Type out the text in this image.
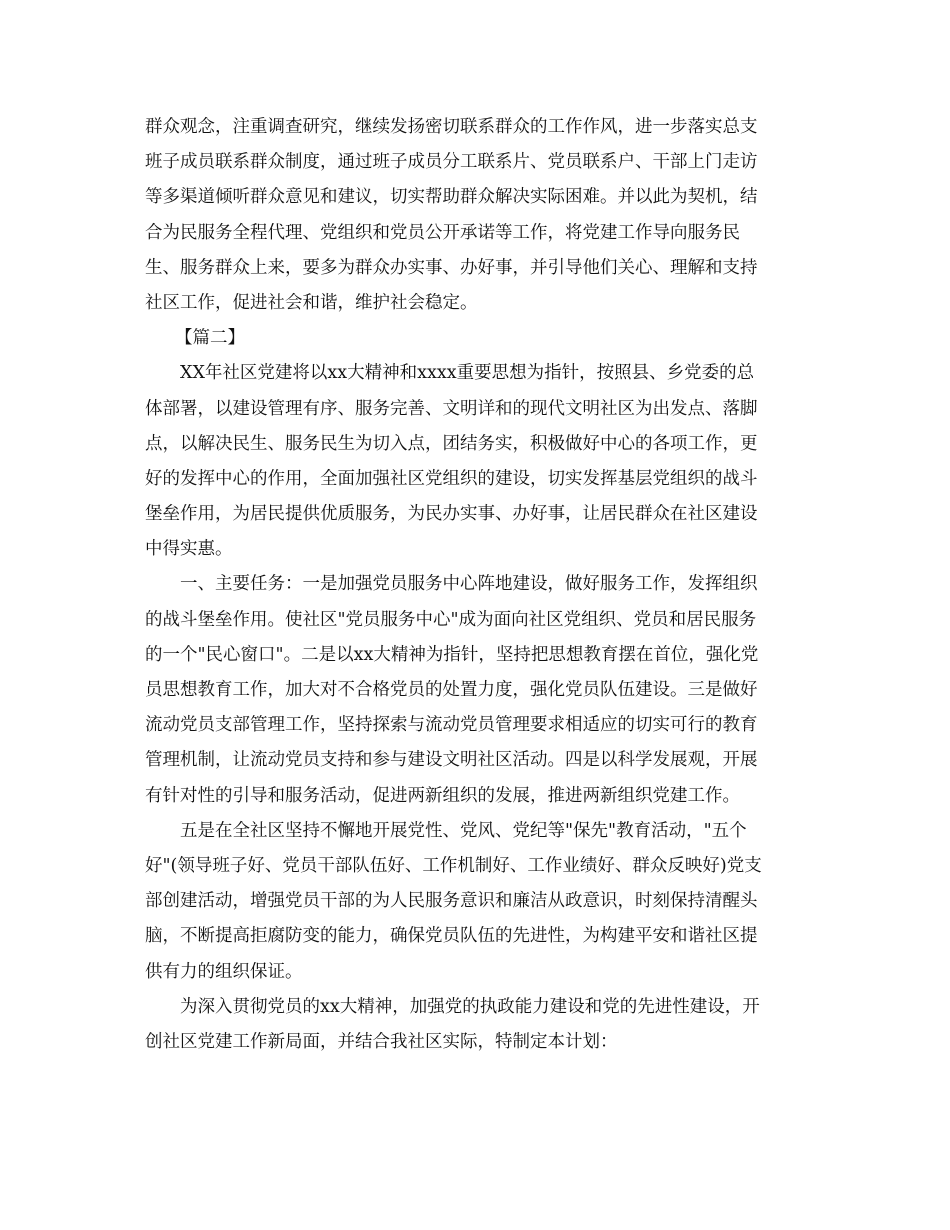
群众观念，注重调查研究，继续发扬密切联系群众的工作作风，进一步落实总支
班子成员联系群众制度，通过班子成员分工联系片、党员联系户、干部上门走访
等多渠道倾听群众意见和建议，切实帮助群众解决实际困难。并以此为契机，结
合为民服务全程代理、党组织和党员公开承诺等工作，将党建工作导向服务民
生、服务群众上来，要多为群众办实事、办好事，并引导他们关心、理解和支持
社区工作，促进社会和谐，维护社会稳定。
【篇二】
XX年社区党建将以xx大精神和xxxx重要思想为指针，按照县、乡党委的总
体部署，以建设管理有序、服务完善、文明详和的现代文明社区为出发点、落脚
点，以解决民生、服务民生为切入点，团结务实，积极做好中心的各项工作，更
好的发挥中心的作用，全面加强社区党组织的建设，切实发挥基层党组织的战斗
堡垒作用，为居民提供优质服务，为民办实事、办好事，让居民群众在社区建设
中得实惠。
一、主要任务：一是加强党员服务中心阵地建设，做好服务工作，发挥组织
的战斗堡垒作用。使社区"党员服务中心"成为面向社区党组织、党员和居民服务
的一个"民心窗口"。二是以xx大精神为指针，坚持把思想教育摆在首位，强化党
员思想教育工作，加大对不合格党员的处置力度，强化党员队伍建设。三是做好
流动党员支部管理工作，坚持探索与流动党员管理要求相适应的切实可行的教育
管理机制，让流动党员支持和参与建设文明社区活动。四是以科学发展观，开展
有针对性的引导和服务活动，促进两新组织的发展，推进两新组织党建工作。
五是在全社区坚持不懈地开展党性、党风、党纪等"保先"教育活动，"五个
好"(领导班子好、党员干部队伍好、工作机制好、工作业绩好、群众反映好)党支
部创建活动，增强党员干部的为人民服务意识和廉洁从政意识，时刻保持清醒头
脑，不断提高拒腐防变的能力，确保党员队伍的先进性，为构建平安和谐社区提
供有力的组织保证。
为深入贯彻党员的xx大精神，加强党的执政能力建设和党的先进性建设，开
创社区党建工作新局面，并结合我社区实际，特制定本计划：
